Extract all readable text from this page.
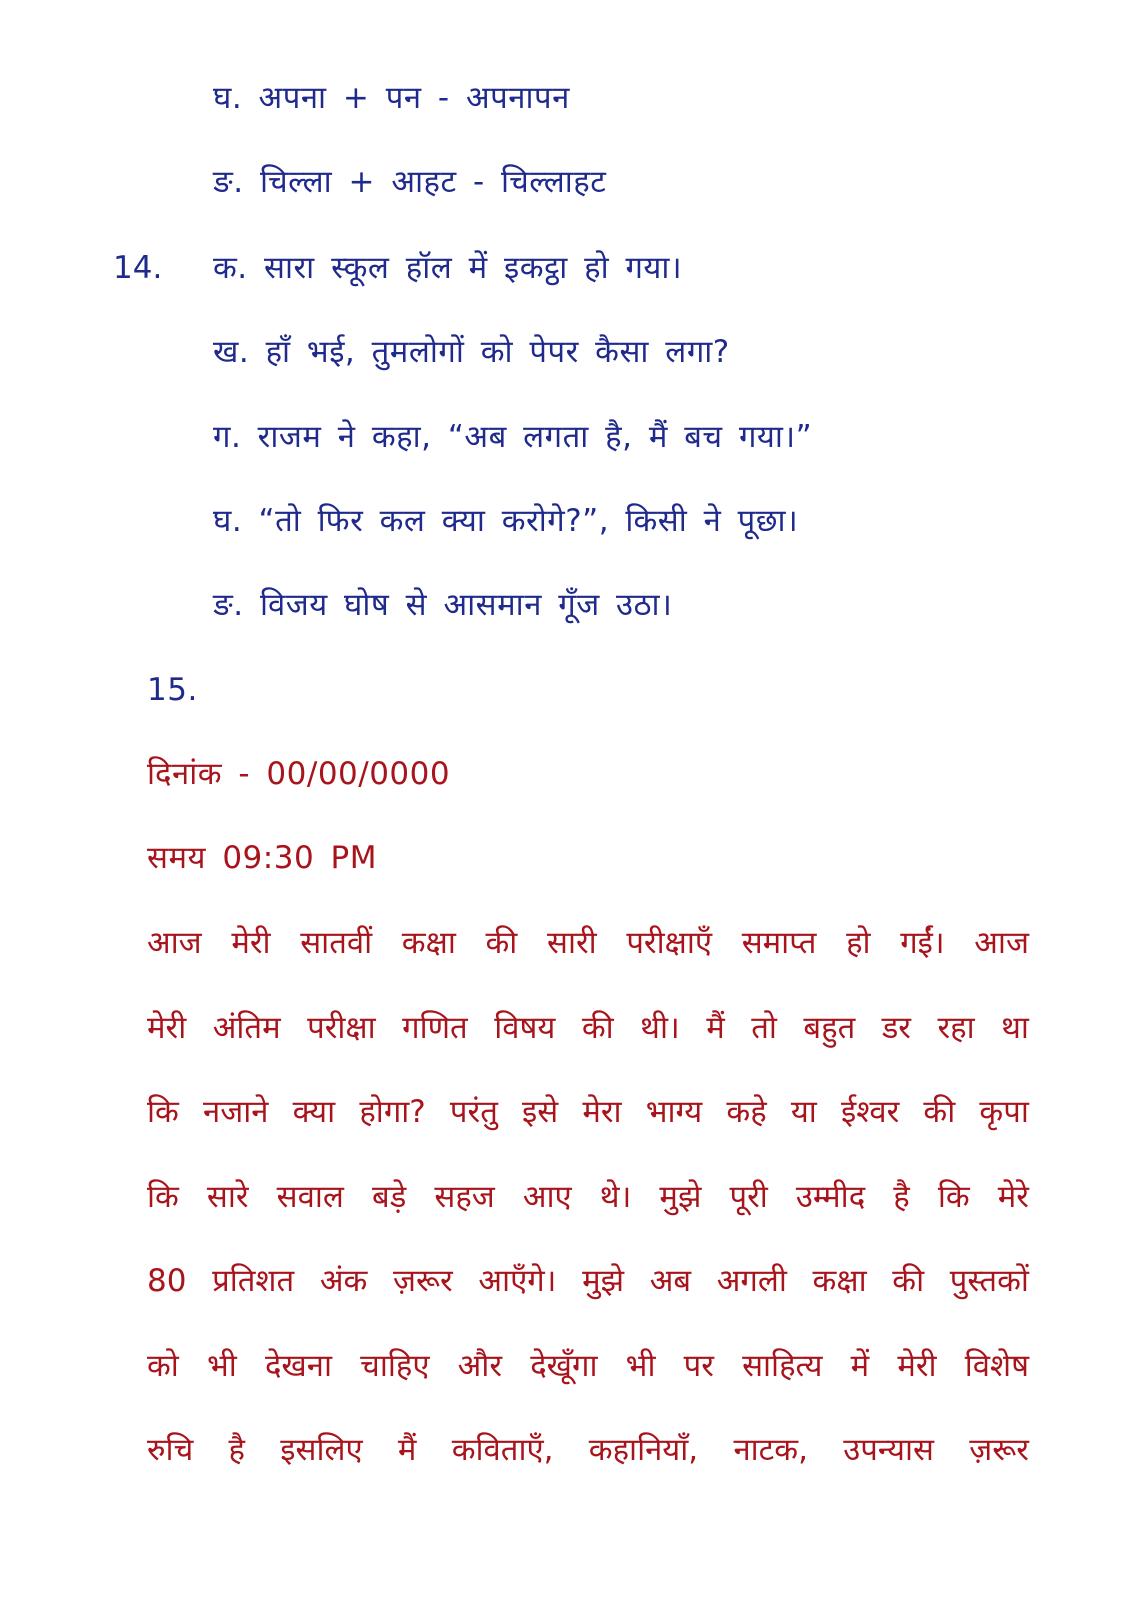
घ. अपना + पन - अपनापन
ङ. चिल्ला + आहट - चिल्लाहट
14. क. सारा स्कूल हॉल में इकट्ठा हो गया।
ख. हाँ भई, तुमलोगों को पेपर कैसा लगा?
ग. राजम ने कहा, “अब लगता है, मैं बच गया।”
घ. “तो फिर कल क्या करोगे?”, किसी ने पूछा।
ङ. विजय घोष से आसमान गूँज उठा।
15.
दिनांक - 00/00/0000
समय 09:30 PM
आज मेरी सातवीं कक्षा की सारी परीक्षाएँ समाप्त हो गईं। आज
मेरी अंतिम परीक्षा गणित विषय की थी। मैं तो बहुत डर रहा था
कि नजाने क्या होगा? परंतु इसे मेरा भाग्य कहे या ईश्वर की कृपा
कि सारे सवाल बड़े सहज आए थे। मुझे पूरी उम्मीद है कि मेरे
80 प्रतिशत अंक ज़रूर आएँगे। मुझे अब अगली कक्षा की पुस्तकों
को भी देखना चाहिए और देखूँगा भी पर साहित्य में मेरी विशेष
रुचि है इसलिए मैं कविताएँ, कहानियाँ, नाटक, उपन्यास ज़रूर
